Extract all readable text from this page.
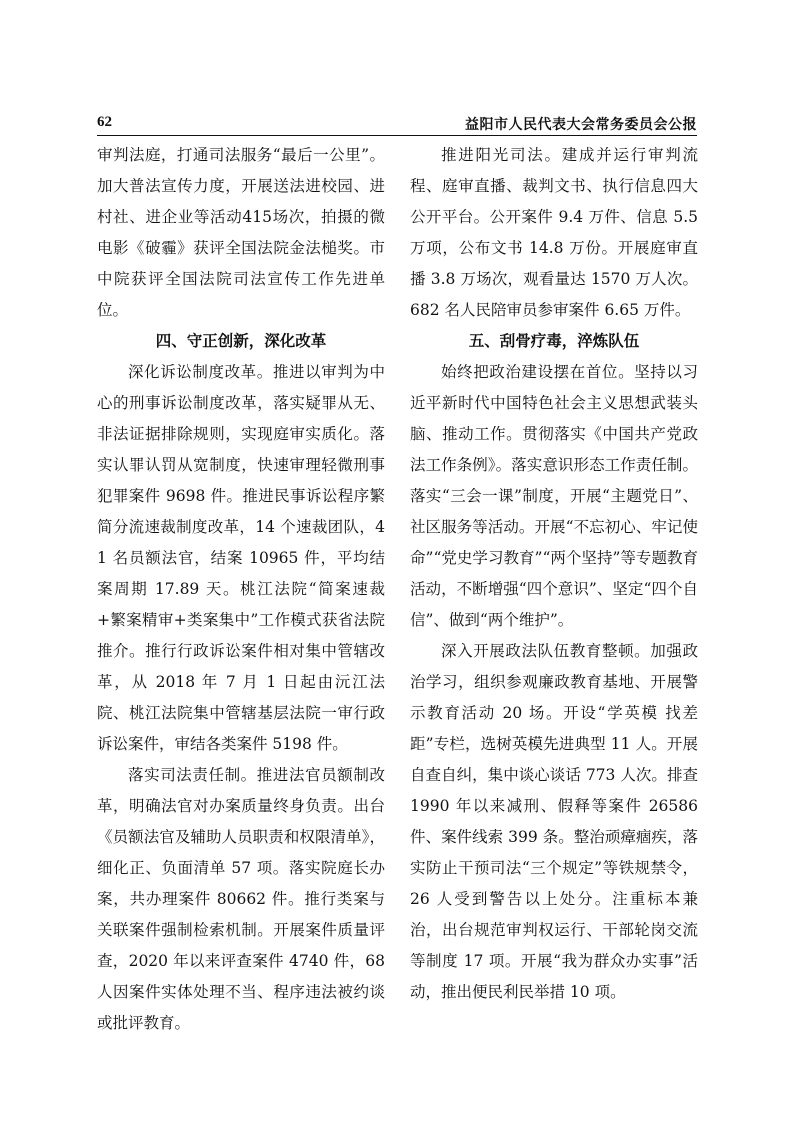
62	益阳市人民代表大会常务委员会公报

审判法庭，打通司法服务“最后一公里”。加大普法宣传力度，开展送法进校园、进村社、进企业等活动415场次，拍摄的微电影《破霾》获评全国法院金法槌奖。市中院获评全国法院司法宣传工作先进单位。

四、守正创新，深化改革

深化诉讼制度改革。推进以审判为中心的刑事诉讼制度改革，落实疑罪从无、非法证据排除规则，实现庭审实质化。落实认罪认罚从宽制度，快速审理轻微刑事犯罪案件 9698 件。推进民事诉讼程序繁简分流速裁制度改革，14 个速裁团队，41 名员额法官，结案 10965 件，平均结案周期 17.89 天。桃江法院“简案速裁+繁案精审+类案集中”工作模式获省法院推介。推行行政诉讼案件相对集中管辖改革，从 2018 年 7 月 1 日起由沅江法院、桃江法院集中管辖基层法院一审行政诉讼案件，审结各类案件 5198 件。

落实司法责任制。推进法官员额制改革，明确法官对办案质量终身负责。出台《员额法官及辅助人员职责和权限清单》，细化正、负面清单 57 项。落实院庭长办案，共办理案件 80662 件。推行类案与关联案件强制检索机制。开展案件质量评查，2020 年以来评查案件 4740 件，68 人因案件实体处理不当、程序违法被约谈或批评教育。

推进阳光司法。建成并运行审判流程、庭审直播、裁判文书、执行信息四大公开平台。公开案件 9.4 万件、信息 5.5 万项，公布文书 14.8 万份。开展庭审直播 3.8 万场次，观看量达 1570 万人次。682 名人民陪审员参审案件 6.65 万件。

五、刮骨疗毒，淬炼队伍

始终把政治建设摆在首位。坚持以习近平新时代中国特色社会主义思想武装头脑、推动工作。贯彻落实《中国共产党政法工作条例》。落实意识形态工作责任制。落实“三会一课”制度，开展“主题党日”、社区服务等活动。开展“不忘初心、牢记使命”“党史学习教育”“两个坚持”等专题教育活动，不断增强“四个意识”、坚定“四个自信”、做到“两个维护”。

深入开展政法队伍教育整顿。加强政治学习，组织参观廉政教育基地、开展警示教育活动 20 场。开设“学英模 找差距”专栏，选树英模先进典型 11 人。开展自查自纠，集中谈心谈话 773 人次。排查 1990 年以来减刑、假释等案件 26586 件、案件线索 399 条。整治顽瘴痼疾，落实防止干预司法“三个规定”等铁规禁令，26 人受到警告以上处分。注重标本兼治，出台规范审判权运行、干部轮岗交流等制度 17 项。开展“我为群众办实事”活动，推出便民利民举措 10 项。
